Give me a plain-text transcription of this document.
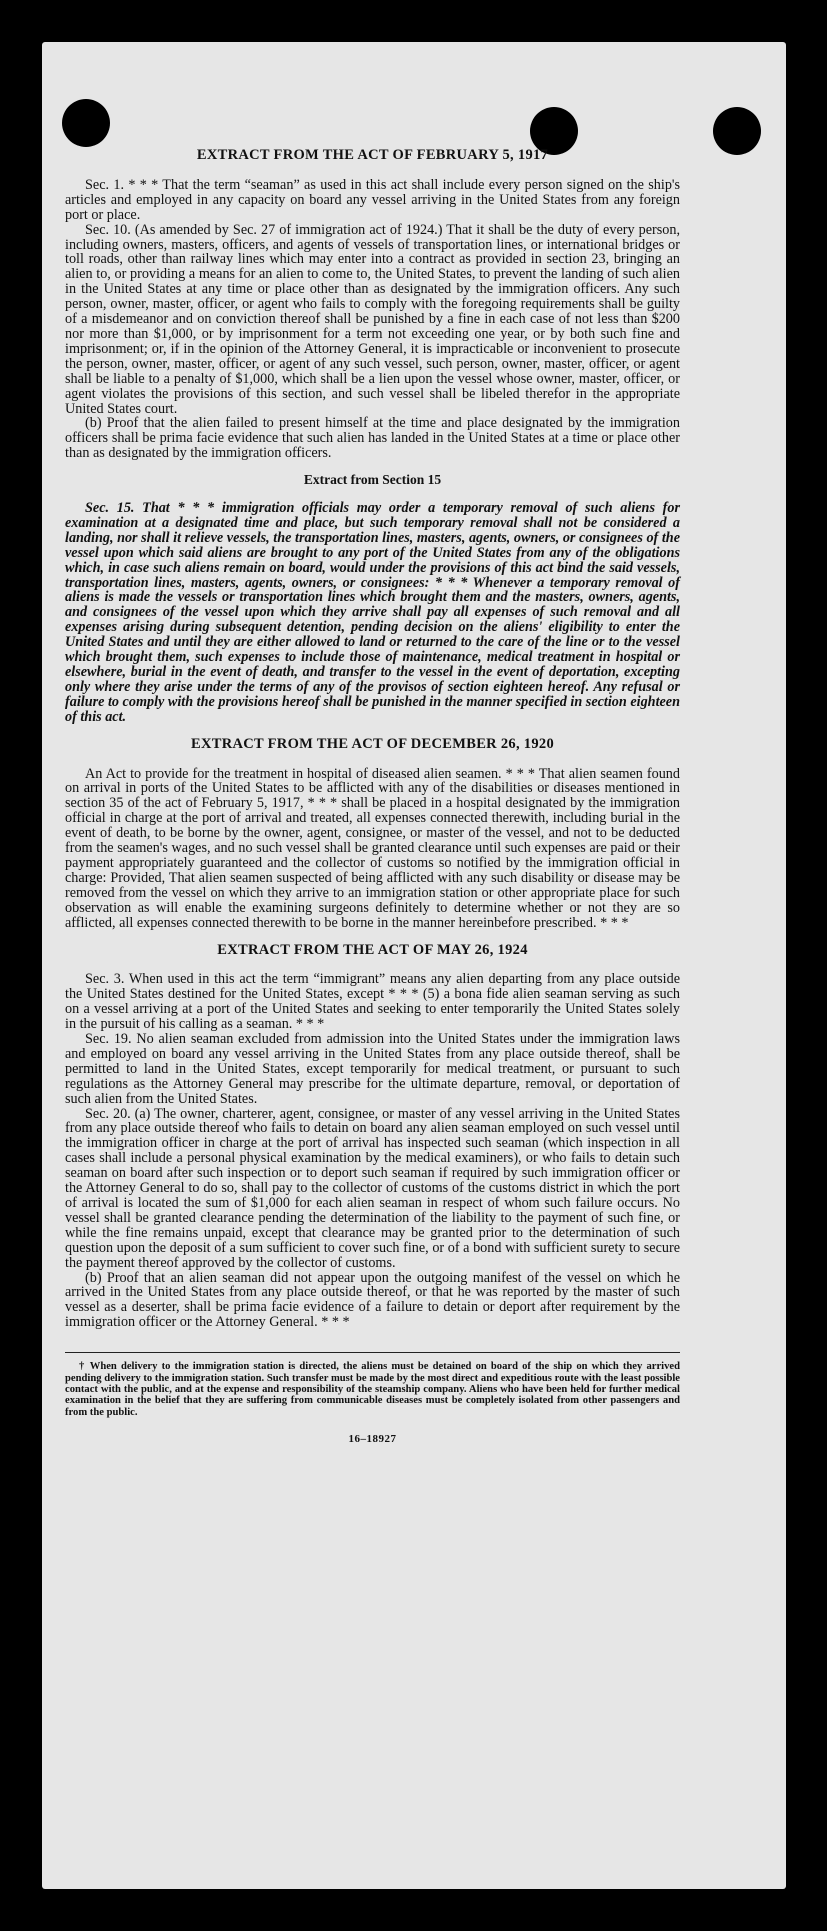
EXTRACT FROM THE ACT OF FEBRUARY 5, 1917

Sec. 1. * * * That the term “seaman” as used in this act shall include every person signed on the ship's articles and employed in any capacity on board any vessel arriving in the United States from any foreign port or place.

Sec. 10. (As amended by Sec. 27 of immigration act of 1924.) That it shall be the duty of every person, including owners, masters, officers, and agents of vessels of transportation lines, or international bridges or toll roads, other than railway lines which may enter into a contract as provided in section 23, bringing an alien to, or providing a means for an alien to come to, the United States, to prevent the landing of such alien in the United States at any time or place other than as designated by the immigration officers. Any such person, owner, master, officer, or agent who fails to comply with the foregoing requirements shall be guilty of a misdemeanor and on conviction thereof shall be punished by a fine in each case of not less than $200 nor more than $1,000, or by imprisonment for a term not exceeding one year, or by both such fine and imprisonment; or, if in the opinion of the Attorney General, it is impracticable or inconvenient to prosecute the person, owner, master, officer, or agent of any such vessel, such person, owner, master, officer, or agent shall be liable to a penalty of $1,000, which shall be a lien upon the vessel whose owner, master, officer, or agent violates the provisions of this section, and such vessel shall be libeled therefor in the appropriate United States court.

(b) Proof that the alien failed to present himself at the time and place designated by the immigration officers shall be prima facie evidence that such alien has landed in the United States at a time or place other than as designated by the immigration officers.

Extract from Section 15

Sec. 15. That * * * immigration officials may order a temporary removal of such aliens for examination at a designated time and place, but such temporary removal shall not be considered a landing, nor shall it relieve vessels, the transportation lines, masters, agents, owners, or consignees of the vessel upon which said aliens are brought to any port of the United States from any of the obligations which, in case such aliens remain on board, would under the provisions of this act bind the said vessels, transportation lines, masters, agents, owners, or consignees: * * * Whenever a temporary removal of aliens is made the vessels or transportation lines which brought them and the masters, owners, agents, and consignees of the vessel upon which they arrive shall pay all expenses of such removal and all expenses arising during subsequent detention, pending decision on the aliens' eligibility to enter the United States and until they are either allowed to land or returned to the care of the line or to the vessel which brought them, such expenses to include those of maintenance, medical treatment in hospital or elsewhere, burial in the event of death, and transfer to the vessel in the event of deportation, excepting only where they arise under the terms of any of the provisos of section eighteen hereof. Any refusal or failure to comply with the provisions hereof shall be punished in the manner specified in section eighteen of this act.

EXTRACT FROM THE ACT OF DECEMBER 26, 1920

An Act to provide for the treatment in hospital of diseased alien seamen. * * * That alien seamen found on arrival in ports of the United States to be afflicted with any of the disabilities or diseases mentioned in section 35 of the act of February 5, 1917, * * * shall be placed in a hospital designated by the immigration official in charge at the port of arrival and treated, all expenses connected therewith, including burial in the event of death, to be borne by the owner, agent, consignee, or master of the vessel, and not to be deducted from the seamen's wages, and no such vessel shall be granted clearance until such expenses are paid or their payment appropriately guaranteed and the collector of customs so notified by the immigration official in charge: Provided, That alien seamen suspected of being afflicted with any such disability or disease may be removed from the vessel on which they arrive to an immigration station or other appropriate place for such observation as will enable the examining surgeons definitely to determine whether or not they are so afflicted, all expenses connected therewith to be borne in the manner hereinbefore prescribed. * * *

EXTRACT FROM THE ACT OF MAY 26, 1924

Sec. 3. When used in this act the term “immigrant” means any alien departing from any place outside the United States destined for the United States, except * * * (5) a bona fide alien seaman serving as such on a vessel arriving at a port of the United States and seeking to enter temporarily the United States solely in the pursuit of his calling as a seaman. * * *

Sec. 19. No alien seaman excluded from admission into the United States under the immigration laws and employed on board any vessel arriving in the United States from any place outside thereof, shall be permitted to land in the United States, except temporarily for medical treatment, or pursuant to such regulations as the Attorney General may prescribe for the ultimate departure, removal, or deportation of such alien from the United States.

Sec. 20. (a) The owner, charterer, agent, consignee, or master of any vessel arriving in the United States from any place outside thereof who fails to detain on board any alien seaman employed on such vessel until the immigration officer in charge at the port of arrival has inspected such seaman (which inspection in all cases shall include a personal physical examination by the medical examiners), or who fails to detain such seaman on board after such inspection or to deport such seaman if required by such immigration officer or the Attorney General to do so, shall pay to the collector of customs of the customs district in which the port of arrival is located the sum of $1,000 for each alien seaman in respect of whom such failure occurs. No vessel shall be granted clearance pending the determination of the liability to the payment of such fine, or while the fine remains unpaid, except that clearance may be granted prior to the determination of such question upon the deposit of a sum sufficient to cover such fine, or of a bond with sufficient surety to secure the payment thereof approved by the collector of customs.

(b) Proof that an alien seaman did not appear upon the outgoing manifest of the vessel on which he arrived in the United States from any place outside thereof, or that he was reported by the master of such vessel as a deserter, shall be prima facie evidence of a failure to detain or deport after requirement by the immigration officer or the Attorney General. * * *

† When delivery to the immigration station is directed, the aliens must be detained on board of the ship on which they arrived pending delivery to the immigration station. Such transfer must be made by the most direct and expeditious route with the least possible contact with the public, and at the expense and responsibility of the steamship company. Aliens who have been held for further medical examination in the belief that they are suffering from communicable diseases must be completely isolated from other passengers and from the public.

16–18927
